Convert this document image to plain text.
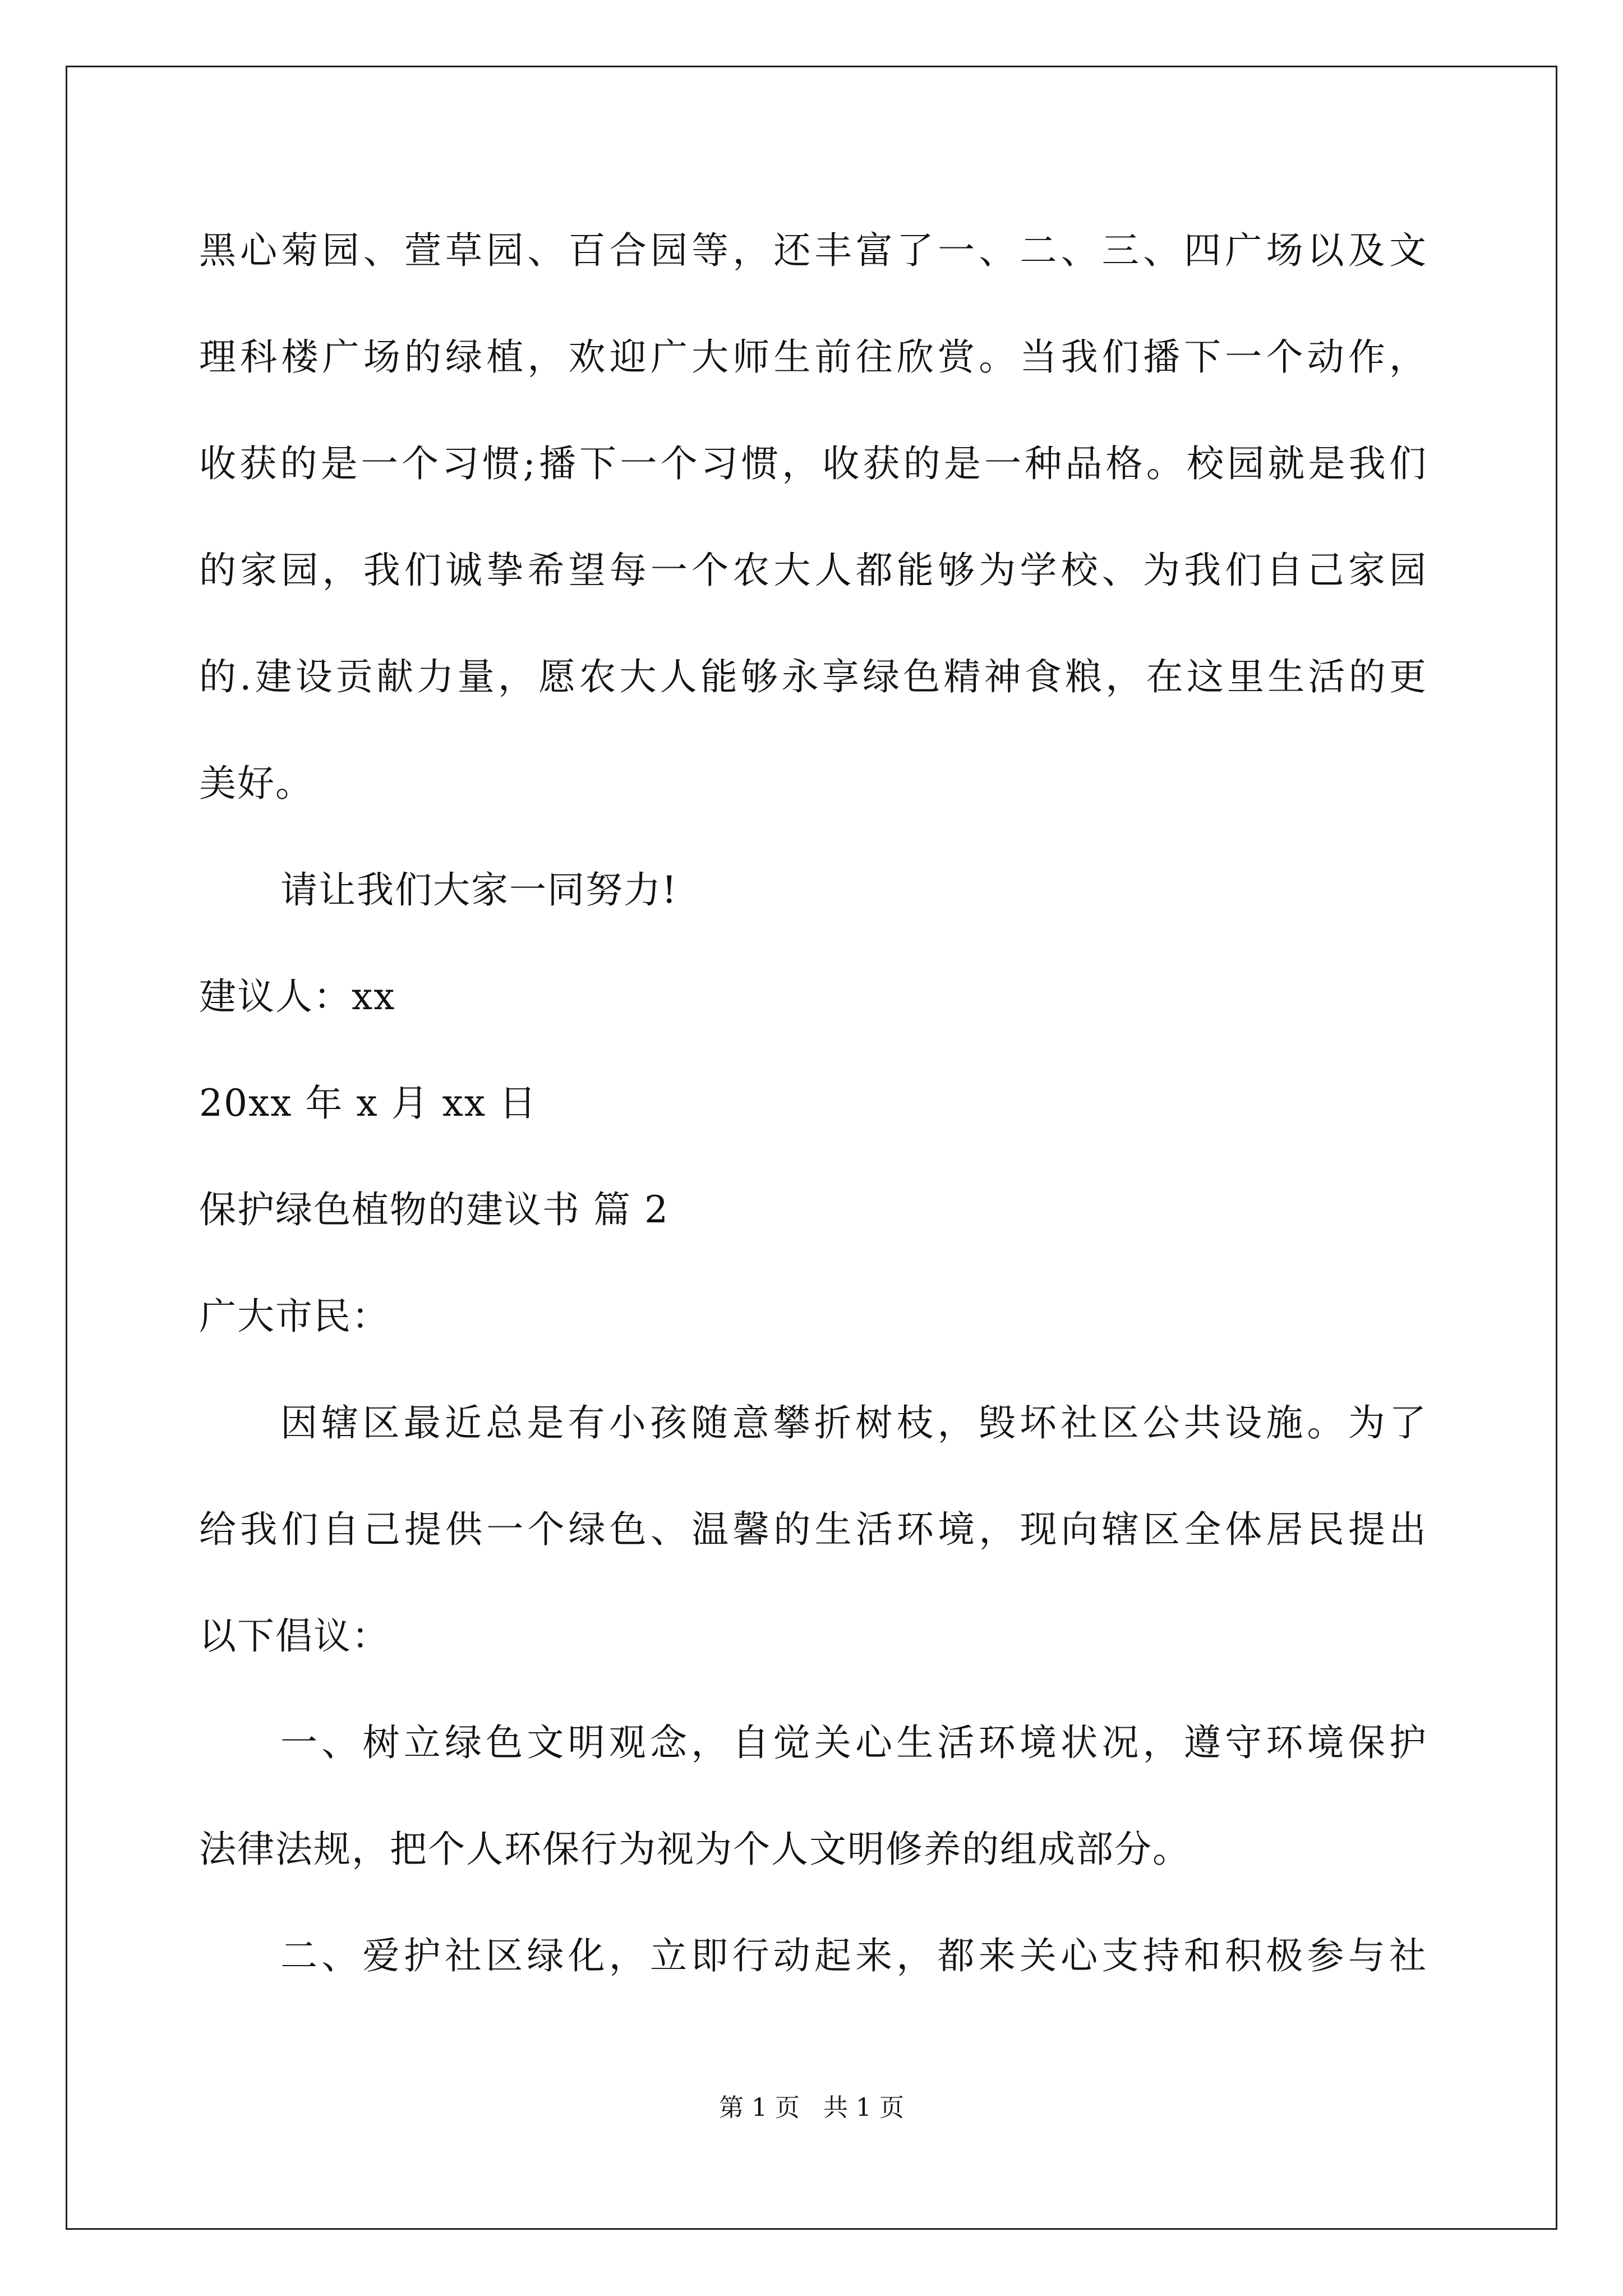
黑心菊园、萱草园、百合园等，还丰富了一、二、三、四广场以及文
理科楼广场的绿植，欢迎广大师生前往欣赏。当我们播下一个动作，
收获的是一个习惯;播下一个习惯，收获的是一种品格。校园就是我们
的家园，我们诚挚希望每一个农大人都能够为学校、为我们自己家园
的.建设贡献力量，愿农大人能够永享绿色精神食粮，在这里生活的更
美好。
请让我们大家一同努力!
建议人：xx
20xx 年 x 月 xx 日
保护绿色植物的建议书 篇 2
广大市民：
因辖区最近总是有小孩随意攀折树枝，毁坏社区公共设施。为了
给我们自己提供一个绿色、温馨的生活环境，现向辖区全体居民提出
以下倡议：
一、树立绿色文明观念，自觉关心生活环境状况，遵守环境保护
法律法规，把个人环保行为视为个人文明修养的组成部分。
二、爱护社区绿化，立即行动起来，都来关心支持和积极参与社
第 1 页   共 1 页
